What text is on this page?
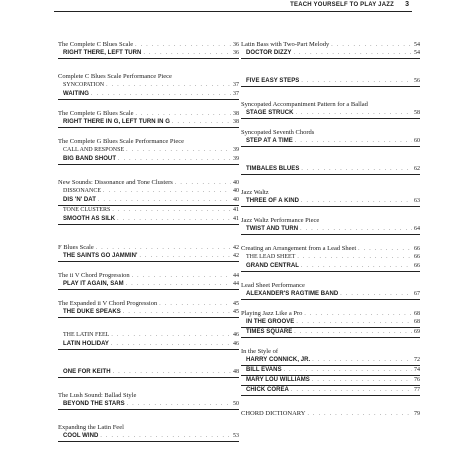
TEACH YOURSELF TO PLAY JAZZ 3
The Complete C Blues Scale . . .	36
RIGHT THERE, LEFT TURN . . .	36
Complete C Blues Scale Performance Piece
SYNCOPATION . . .	37
WAITING . . .	37
The Complete G Blues Scale . . .	38
RIGHT THERE IN G, LEFT TURN IN G . . .	38
The Complete G Blues Scale Performance Piece
CALL AND RESPONSE . . .	39
BIG BAND SHOUT . . .	39
New Sounds: Dissonance and Tone Clusters . . .	40
DISSONANCE . . .	40
DIS 'N' DAT . . .	40
TONE CLUSTERS . . .	41
SMOOTH AS SILK . . .	41
F Blues Scale . . .	42
THE SAINTS GO JAMMIN' . . .	42
The ii V Chord Progression . . .	44
PLAY IT AGAIN, SAM . . .	44
The Expanded ii V Chord Progression . . .	45
THE DUKE SPEAKS . . .	45
THE LATIN FEEL . . .	46
LATIN HOLIDAY . . .	46
ONE FOR KEITH . . .	48
The Lush Sound: Ballad Style
BEYOND THE STARS . . .	50
Expanding the Latin Feel
COOL WIND . . .	53
Latin Bass with Two-Part Melody . . .	54
DOCTOR DIZZY . . .	54
FIVE EASY STEPS . . .	56
Syncopated Accompaniment Pattern for a Ballad
STAGE STRUCK . . .	58
Syncopated Seventh Chords
STEP AT A TIME . . .	60
TIMBALES BLUES . . .	62
Jazz Waltz
THREE OF A KIND . . .	63
Jazz Waltz Performance Piece
TWIST AND TURN . . .	64
Creating an Arrangement from a Lead Sheet . . .	66
THE LEAD SHEET . . .	66
GRAND CENTRAL . . .	66
Lead Sheet Performance
ALEXANDER'S RAGTIME BAND . . .	67
Playing Jazz Like a Pro . . .	68
IN THE GROOVE . . .	68
TIMES SQUARE . . .	69
In the Style of
HARRY CONNICK, JR. . . .	72
BILL EVANS . . .	74
MARY LOU WILLIAMS . . .	76
CHICK COREA . . .	77
CHORD DICTIONARY . . .	79
